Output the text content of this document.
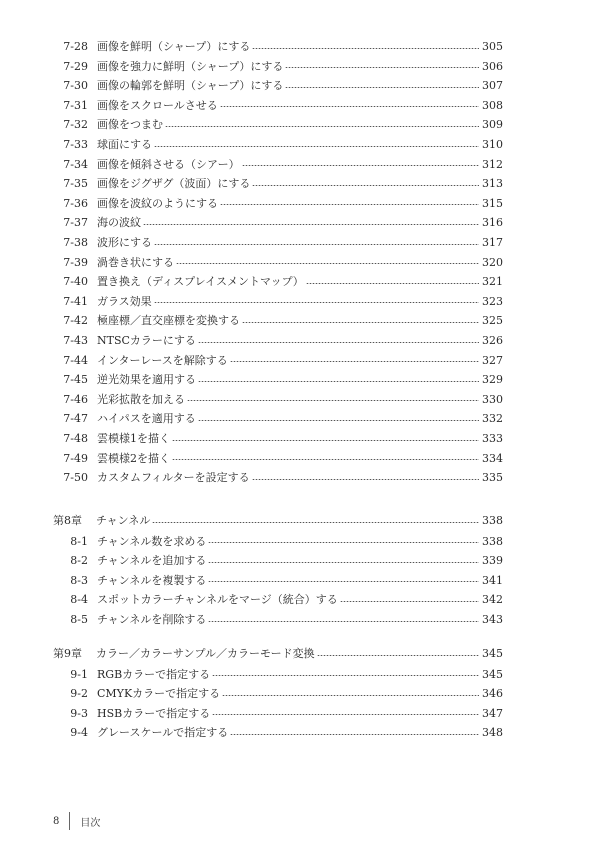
7-28 画像を鮮明（シャープ）にする	305
7-29 画像を強力に鮮明（シャープ）にする	306
7-30 画像の輪郭を鮮明（シャープ）にする	307
7-31 画像をスクロールさせる	308
7-32 画像をつまむ	309
7-33 球面にする	310
7-34 画像を傾斜させる（シアー）	312
7-35 画像をジグザグ（波面）にする	313
7-36 画像を波紋のようにする	315
7-37 海の波紋	316
7-38 波形にする	317
7-39 渦巻き状にする	320
7-40 置き換え（ディスプレイスメントマップ）	321
7-41 ガラス効果	323
7-42 極座標／直交座標を変換する	325
7-43 NTSCカラーにする	326
7-44 インターレースを解除する	327
7-45 逆光効果を適用する	329
7-46 光彩拡散を加える	330
7-47 ハイパスを適用する	332
7-48 雲模様1を描く	333
7-49 雲模様2を描く	334
7-50 カスタムフィルターを設定する	335
第8章 チャンネル	338
8-1 チャンネル数を求める	338
8-2 チャンネルを追加する	339
8-3 チャンネルを複製する	341
8-4 スポットカラーチャンネルをマージ（統合）する	342
8-5 チャンネルを削除する	343
第9章 カラー／カラーサンプル／カラーモード変換	345
9-1 RGBカラーで指定する	345
9-2 CMYKカラーで指定する	346
9-3 HSBカラーで指定する	347
9-4 グレースケールで指定する	348
8 目次
